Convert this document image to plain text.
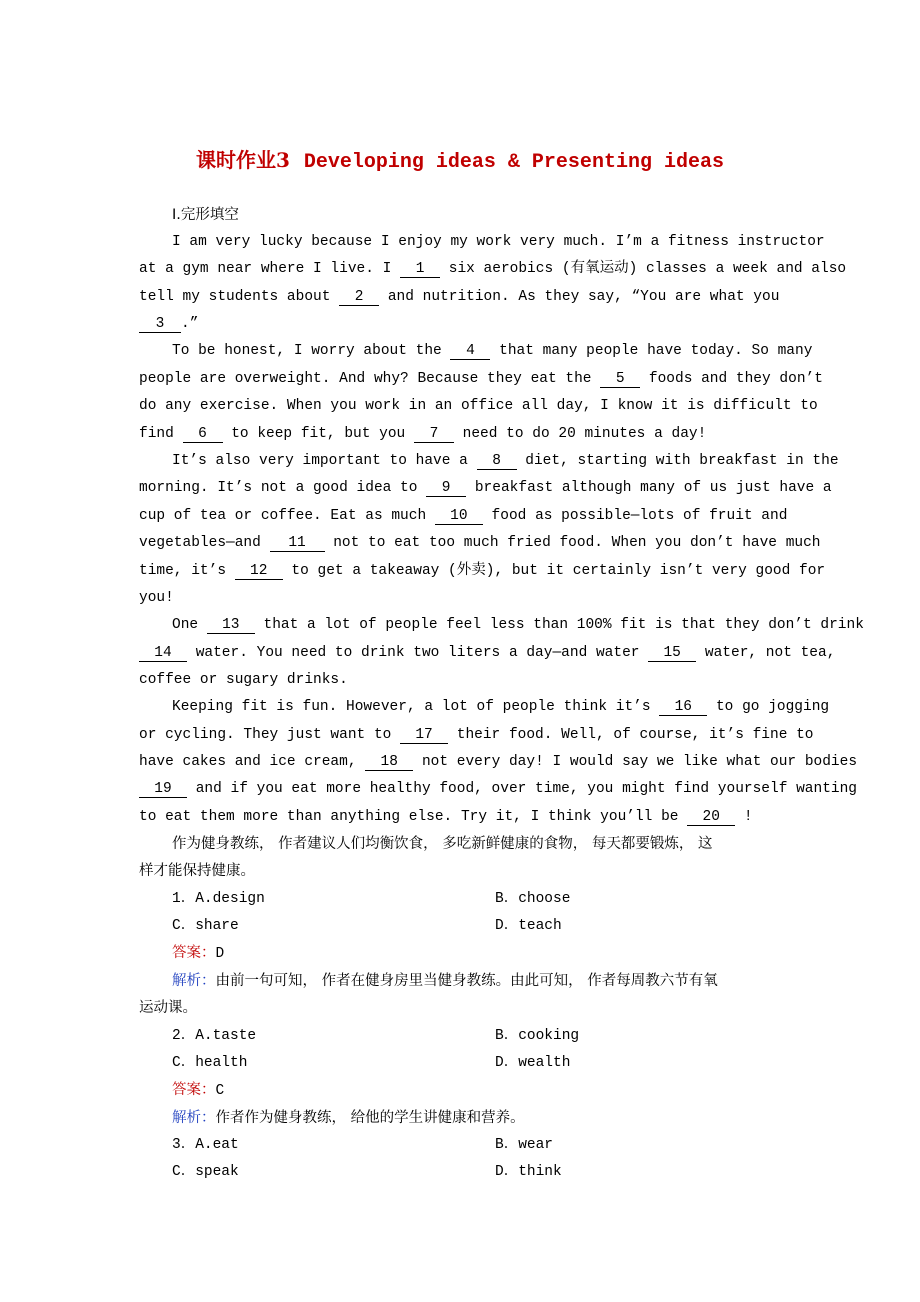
课时作业3 Developing ideas & Presenting ideas
Ⅰ.完形填空
I am very lucky because I enjoy my work very much. I’m a fitness instructor
at a gym near where I live. I 1 six aerobics (有氧运动) classes a week and also
tell my students about 2 and nutrition. As they say, “You are what you
3 .”
To be honest, I worry about the 4 that many people have today. So many
people are overweight. And why? Because they eat the 5 foods and they don’t
do any exercise. When you work in an office all day, I know it is difficult to
find 6 to keep fit, but you 7 need to do 20 minutes a day!
It’s also very important to have a 8 diet, starting with breakfast in the
morning. It’s not a good idea to 9 breakfast although many of us just have a
cup of tea or coffee. Eat as much 10 food as possible—lots of fruit and
vegetables—and 11 not to eat too much fried food. When you don’t have much
time, it’s 12 to get a takeaway (外卖), but it certainly isn’t very good for
you!
One 13 that a lot of people feel less than 100% fit is that they don’t drink
14 water. You need to drink two liters a day—and water 15 water, not tea,
coffee or sugary drinks.
Keeping fit is fun. However, a lot of people think it’s 16 to go jogging
or cycling. They just want to 17 their food. Well, of course, it’s fine to
have cakes and ice cream, 18 not every day! I would say we like what our bodies
19 and if you eat more healthy food, over time, you might find yourself wanting
to eat them more than anything else. Try it, I think you’ll be 20 !
作为健身教练， 作者建议人们均衡饮食， 多吃新鲜健康的食物， 每天都要锻炼， 这
样才能保持健康。
1．A.design	B．choose
C．share	D．teach
答案：D
解析：由前一句可知， 作者在健身房里当健身教练。由此可知， 作者每周教六节有氧
运动课。
2．A.taste	B．cooking
C．health	D．wealth
答案：C
解析：作者作为健身教练， 给他的学生讲健康和营养。
3．A.eat	B．wear
C．speak	D．think
